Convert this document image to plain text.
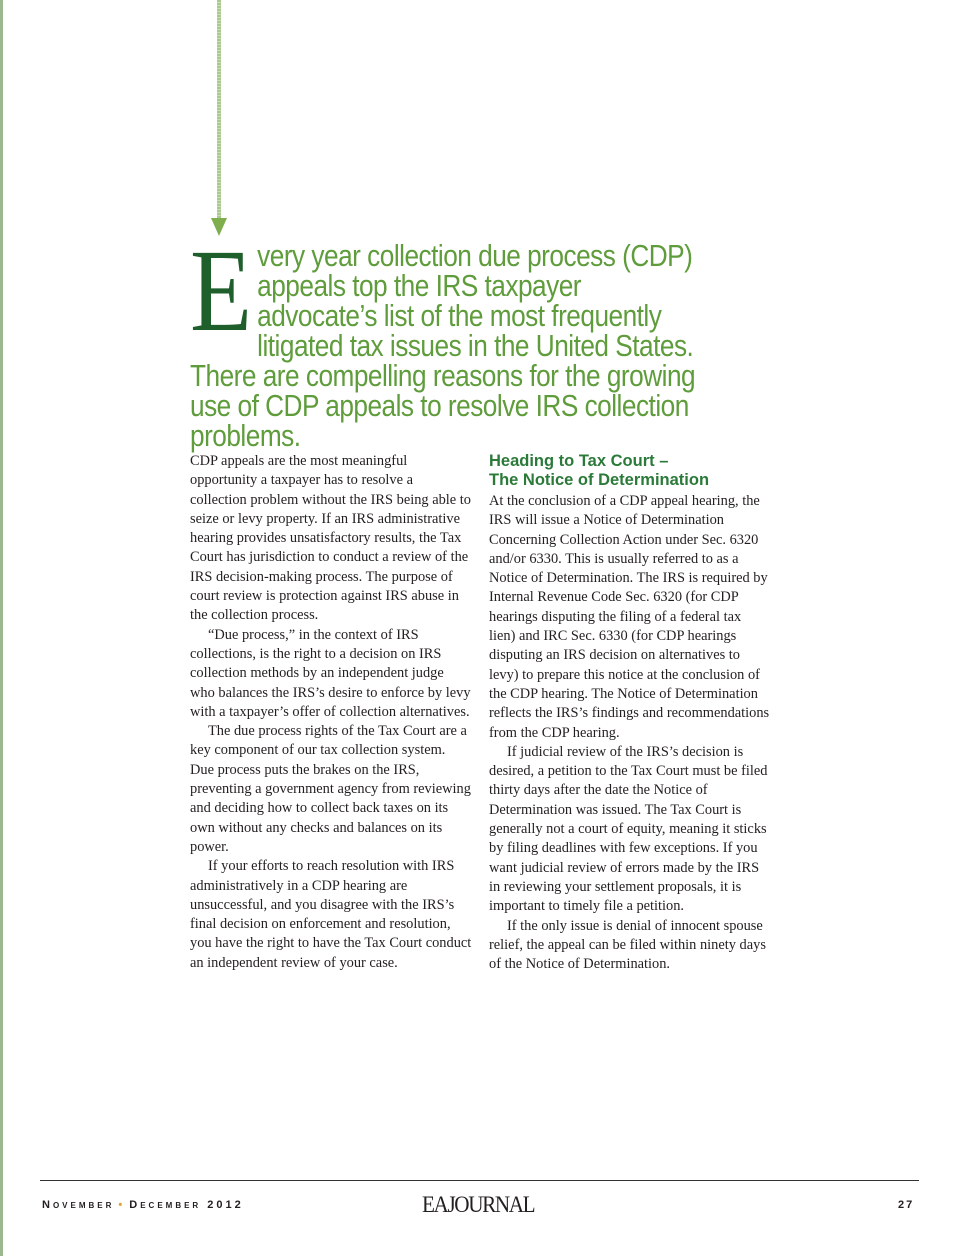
E very year collection due process (CDP) appeals top the IRS taxpayer advocate’s list of the most frequently litigated tax issues in the United States. There are compelling reasons for the growing use of CDP appeals to resolve IRS collection problems.

CDP appeals are the most meaningful opportunity a taxpayer has to resolve a collection problem without the IRS being able to seize or levy property. If an IRS administrative hearing provides unsatisfactory results, the Tax Court has jurisdiction to conduct a review of the IRS decision-making process. The purpose of court review is protection against IRS abuse in the collection process.

“Due process,” in the context of IRS collections, is the right to a decision on IRS collection methods by an independent judge who balances the IRS’s desire to enforce by levy with a taxpayer’s offer of collection alternatives.

The due process rights of the Tax Court are a key component of our tax collection system. Due process puts the brakes on the IRS, preventing a government agency from reviewing and deciding how to collect back taxes on its own without any checks and balances on its power.

If your efforts to reach resolution with IRS administratively in a CDP hearing are unsuccessful, and you disagree with the IRS’s final decision on enforcement and resolution, you have the right to have the Tax Court conduct an independent review of your case.

Heading to Tax Court –
The Notice of Determination

At the conclusion of a CDP appeal hearing, the IRS will issue a Notice of Determination Concerning Collection Action under Sec. 6320 and/or 6330. This is usually referred to as a Notice of Determination. The IRS is required by Internal Revenue Code Sec. 6320 (for CDP hearings disputing the filing of a federal tax lien) and IRC Sec. 6330 (for CDP hearings disputing an IRS decision on alternatives to levy) to prepare this notice at the conclusion of the CDP hearing. The Notice of Determination reflects the IRS’s findings and recommendations from the CDP hearing.

If judicial review of the IRS’s decision is desired, a petition to the Tax Court must be filed thirty days after the date the Notice of Determination was issued. The Tax Court is generally not a court of equity, meaning it sticks by filing deadlines with few exceptions. If you want judicial review of errors made by the IRS in reviewing your settlement proposals, it is important to timely file a petition.

If the only issue is denial of innocent spouse relief, the appeal can be filed within ninety days of the Notice of Determination.

November • December 2012	EAJOURNAL	27
